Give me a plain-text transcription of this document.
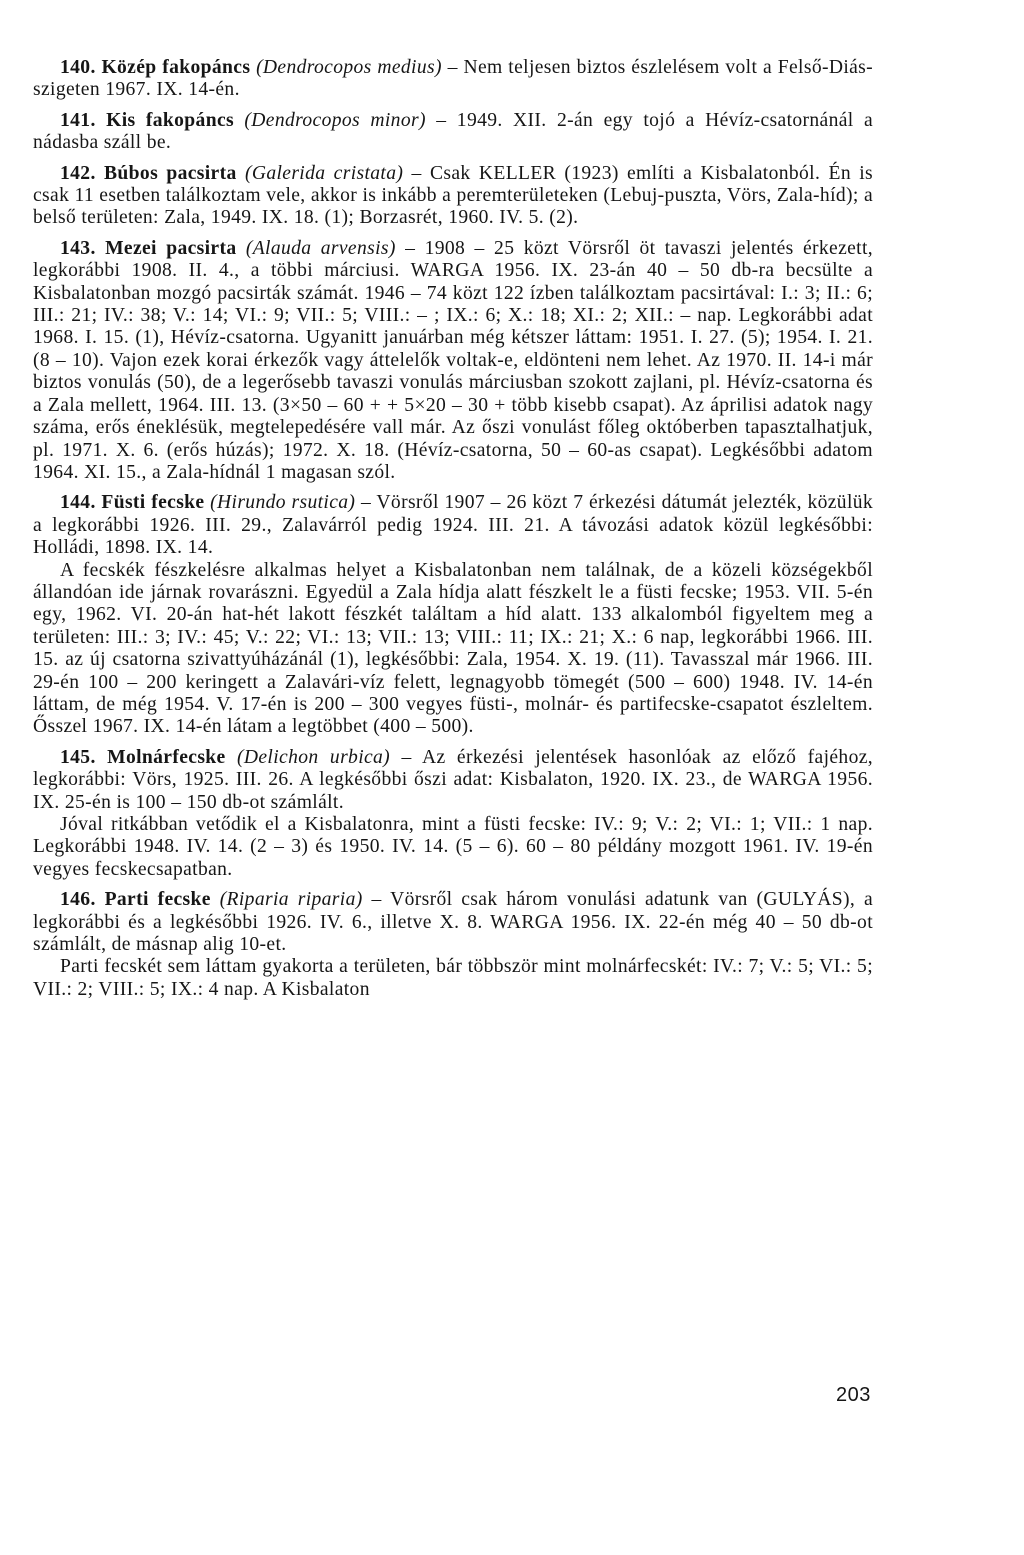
140. Közép fakopáncs (Dendrocopos medius) – Nem teljesen biztos észlelésem volt a Felső-Diás-szigeten 1967. IX. 14-én.

141. Kis fakopáncs (Dendrocopos minor) – 1949. XII. 2-án egy tojó a Hévíz-csatornánál a nádasba száll be.

142. Búbos pacsirta (Galerida cristata) – Csak KELLER (1923) említi a Kisbalatonból. Én is csak 11 esetben találkoztam vele, akkor is inkább a peremterületeken (Lebuj-puszta, Vörs, Zala-híd); a belső területen: Zala, 1949. IX. 18. (1); Borzasrét, 1960. IV. 5. (2).

143. Mezei pacsirta (Alauda arvensis) – 1908 – 25 közt Vörsről öt tavaszi jelentés érkezett, legkorábbi 1908. II. 4., a többi márciusi. WARGA 1956. IX. 23-án 40 – 50 db-ra becsülte a Kisbalatonban mozgó pacsirták számát. 1946 – 74 közt 122 ízben találkoztam pacsirtával: I.: 3; II.: 6; III.: 21; IV.: 38; V.: 14; VI.: 9; VII.: 5; VIII.: – ; IX.: 6; X.: 18; XI.: 2; XII.: – nap. Legkorábbi adat 1968. I. 15. (1), Hévíz-csatorna. Ugyanitt januárban még kétszer láttam: 1951. I. 27. (5); 1954. I. 21. (8 – 10). Vajon ezek korai érkezők vagy áttelelők voltak-e, eldönteni nem lehet. Az 1970. II. 14-i már biztos vonulás (50), de a legerősebb tavaszi vonulás márciusban szokott zajlani, pl. Hévíz-csatorna és a Zala mellett, 1964. III. 13. (3×50 – 60 + + 5×20 – 30 + több kisebb csapat). Az áprilisi adatok nagy száma, erős éneklésük, megtelepedésére vall már. Az őszi vonulást főleg októberben tapasztalhatjuk, pl. 1971. X. 6. (erős húzás); 1972. X. 18. (Hévíz-csatorna, 50 – 60-as csapat). Legkésőbbi adatom 1964. XI. 15., a Zala-hídnál 1 magasan szól.

144. Füsti fecske (Hirundo rsutica) – Vörsről 1907 – 26 közt 7 érkezési dátumát jelezték, közülük a legkorábbi 1926. III. 29., Zalavárról pedig 1924. III. 21. A távozási adatok közül legkésőbbi: Holládi, 1898. IX. 14.

A fecskék fészkelésre alkalmas helyet a Kisbalatonban nem találnak, de a közeli községekből állandóan ide járnak rovarászni. Egyedül a Zala hídja alatt fészkelt le a füsti fecske; 1953. VII. 5-én egy, 1962. VI. 20-án hat-hét lakott fészkét találtam a híd alatt. 133 alkalomból figyeltem meg a területen: III.: 3; IV.: 45; V.: 22; VI.: 13; VII.: 13; VIII.: 11; IX.: 21; X.: 6 nap, legkorábbi 1966. III. 15. az új csatorna szivattyúházánál (1), legkésőbbi: Zala, 1954. X. 19. (11). Tavasszal már 1966. III. 29-én 100 – 200 keringett a Zalavári-víz felett, legnagyobb tömegét (500 – 600) 1948. IV. 14-én láttam, de még 1954. V. 17-én is 200 – 300 vegyes füsti-, molnár- és partifecske-csapatot észleltem. Ősszel 1967. IX. 14-én látam a legtöbbet (400 – 500).

145. Molnárfecske (Delichon urbica) – Az érkezési jelentések hasonlóak az előző fajéhoz, legkorábbi: Vörs, 1925. III. 26. A legkésőbbi őszi adat: Kisbalaton, 1920. IX. 23., de WARGA 1956. IX. 25-én is 100 – 150 db-ot számlált.

Jóval ritkábban vetődik el a Kisbalatonra, mint a füsti fecske: IV.: 9; V.: 2; VI.: 1; VII.: 1 nap. Legkorábbi 1948. IV. 14. (2 – 3) és 1950. IV. 14. (5 – 6). 60 – 80 példány mozgott 1961. IV. 19-én vegyes fecskecsapatban.

146. Parti fecske (Riparia riparia) – Vörsről csak három vonulási adatunk van (GULYÁS), a legkorábbi és a legkésőbbi 1926. IV. 6., illetve X. 8. WARGA 1956. IX. 22-én még 40 – 50 db-ot számlált, de másnap alig 10-et.

Parti fecskét sem láttam gyakorta a területen, bár többször mint molnárfecskét: IV.: 7; V.: 5; VI.: 5; VII.: 2; VIII.: 5; IX.: 4 nap. A Kisbalaton

203
